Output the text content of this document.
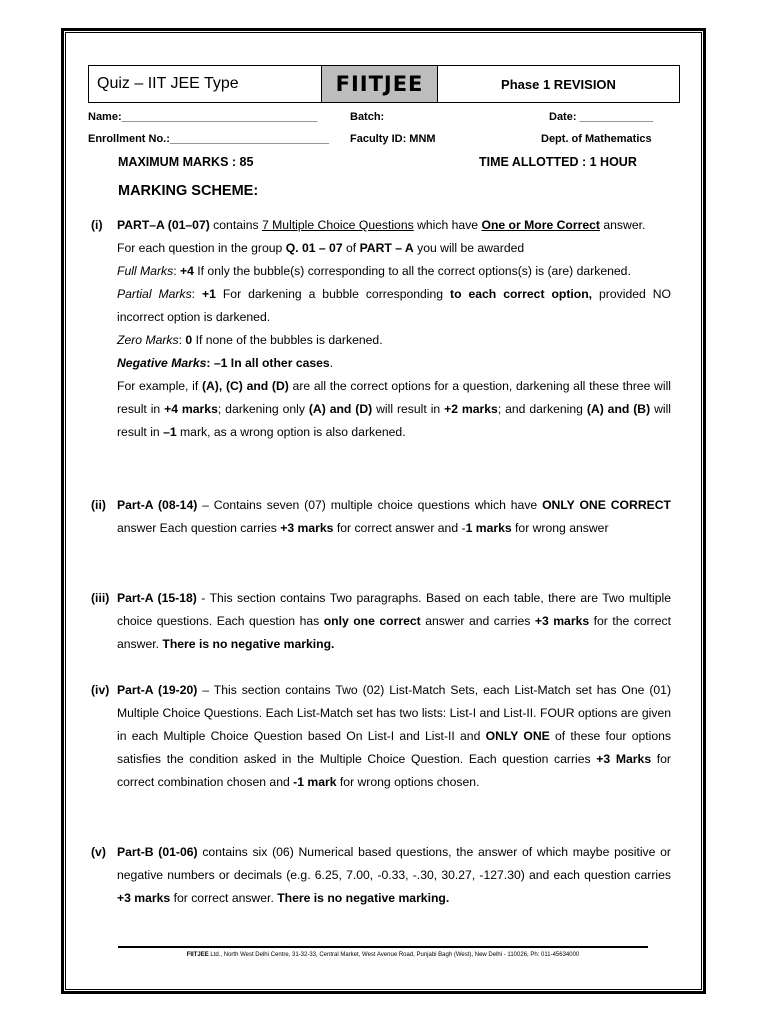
Quiz – IIT JEE Type	FIITJEE	Phase 1 REVISION
Name:________________________________	Batch:	Date: ____________
Enrollment No.:__________________________ Faculty ID: MNM	Dept. of Mathematics
MAXIMUM MARKS : 85	TIME ALLOTTED : 1 HOUR
MARKING SCHEME:
(i) PART–A (01–07) contains 7 Multiple Choice Questions which have One or More Correct answer.

For each question in the group Q. 01 – 07 of PART – A you will be awarded

Full Marks: +4 If only the bubble(s) corresponding to all the correct options(s) is (are) darkened.

Partial Marks: +1 For darkening a bubble corresponding to each correct option, provided NO incorrect option is darkened.

Zero Marks: 0 If none of the bubbles is darkened.

Negative Marks: –1 In all other cases.

For example, if (A), (C) and (D) are all the correct options for a question, darkening all these three will result in +4 marks; darkening only (A) and (D) will result in +2 marks; and darkening (A) and (B) will result in –1 mark, as a wrong option is also darkened.

(ii) Part-A (08-14) – Contains seven (07) multiple choice questions which have ONLY ONE CORRECT answer Each question carries +3 marks for correct answer and -1 marks for wrong answer

(iii) Part-A (15-18) - This section contains Two paragraphs. Based on each table, there are Two multiple choice questions. Each question has only one correct answer and carries +3 marks for the correct answer. There is no negative marking.

(iv) Part-A (19-20) – This section contains Two (02) List-Match Sets, each List-Match set has One (01) Multiple Choice Questions. Each List-Match set has two lists: List-I and List-II. FOUR options are given in each Multiple Choice Question based On List-I and List-II and ONLY ONE of these four options satisfies the condition asked in the Multiple Choice Question. Each question carries +3 Marks for correct combination chosen and -1 mark for wrong options chosen.

(v) Part-B (01-06) contains six (06) Numerical based questions, the answer of which maybe positive or negative numbers or decimals (e.g. 6.25, 7.00, -0.33, -.30, 30.27, -127.30) and each question carries +3 marks for correct answer. There is no negative marking.

FIITJEE Ltd., North West Delhi Centre, 31-32-33, Central Market, West Avenue Road, Punjabi Bagh (West), New Delhi - 110026, Ph: 011-45634000
